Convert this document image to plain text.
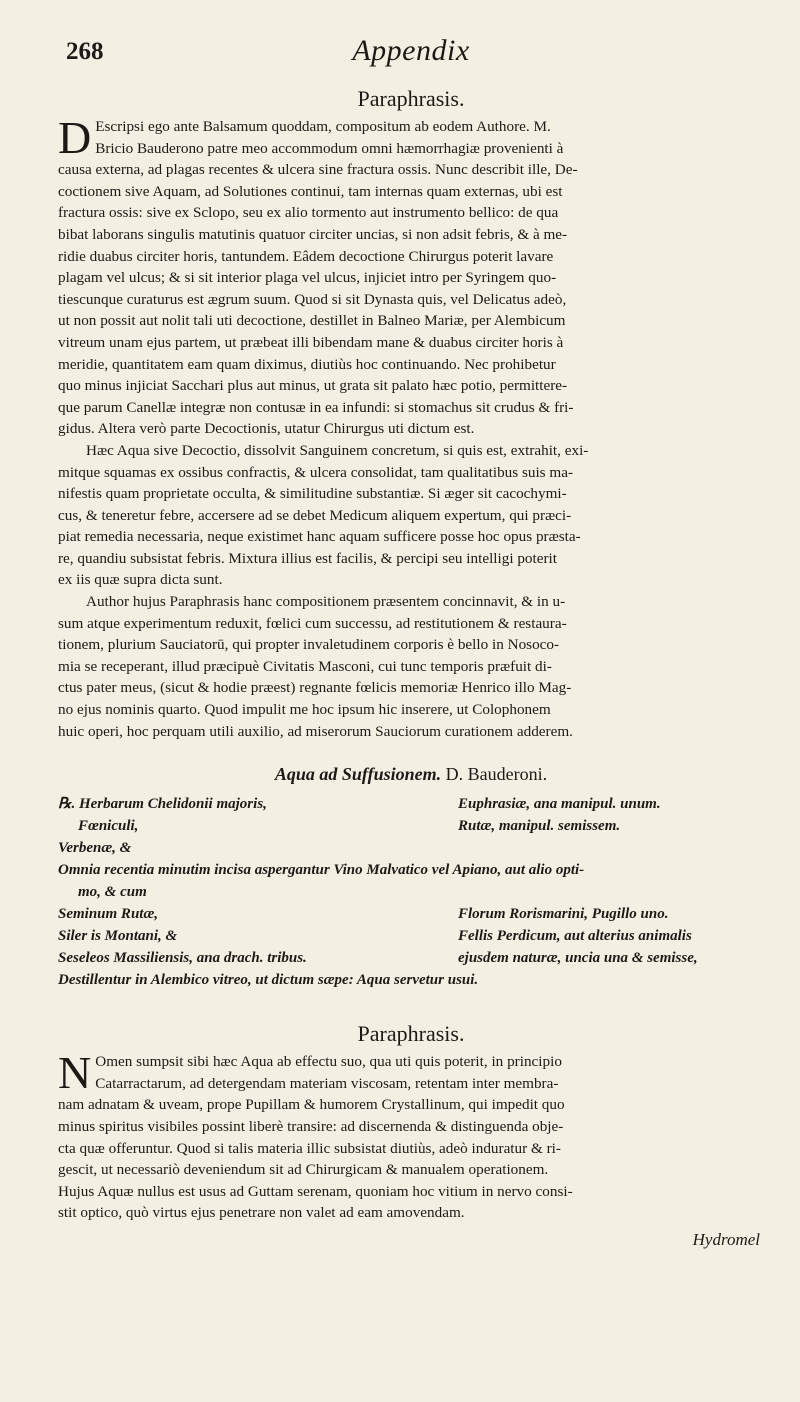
268	Appendix
Paraphrasis.
D Escripsi ego ante Balsamum quoddam, compositum ab eodem Authore. M.
Bricio Bauderono patre meo accommodum omni hæmorrhagiæ provenienti à
causa externa, ad plagas recentes & ulcera sine fractura ossis. Nunc describit ille, De-
coctionem sive Aquam, ad Solutiones continui, tam internas quam externas, ubi est
fractura ossis: sive ex Sclopo, seu ex alio tormento aut instrumento bellico: de qua
bibat laborans singulis matutinis quatuor circiter uncias, si non adsit febris, & à me-
ridie duabus circiter horis, tantundem. Eâdem decoctione Chirurgus poterit lavare
plagam vel ulcus; & si sit interior plaga vel ulcus, injiciet intro per Syringem quo-
tiescunque curaturus est ægrum suum. Quod si sit Dynasta quis, vel Delicatus adeò,
ut non possit aut nolit tali uti decoctione, destillet in Balneo Mariæ, per Alembicum
vitreum unam ejus partem, ut præbeat illi bibendam mane & duabus circiter horis à
meridie, quantitatem eam quam diximus, diutiùs hoc continuando. Nec prohibetur
quo minus injiciat Sacchari plus aut minus, ut grata sit palato hæc potio, permittere-
que parum Canellæ integræ non contusæ in ea infundi: si stomachus sit crudus & fri-
gidus. Altera verò parte Decoctionis, utatur Chirurgus uti dictum est.
Hæc Aqua sive Decoctio, dissolvit Sanguinem concretum, si quis est, extrahit, exi-
mitque squamas ex ossibus confractis, & ulcera consolidat, tam qualitatibus suis ma-
nifestis quam proprietate occulta, & similitudine substantiæ. Si æger sit cacochymi-
cus, & teneretur febre, accersere ad se debet Medicum aliquem expertum, qui præci-
piat remedia necessaria, neque existimet hanc aquam sufficere posse hoc opus præsta-
re, quandiu subsistat febris. Mixtura illius est facilis, & percipi seu intelligi poterit
ex iis quæ supra dicta sunt.
Author hujus Paraphrasis hanc compositionem præsentem concinnavit, & in u-
sum atque experimentum reduxit, fœlici cum successu, ad restitutionem & restaura-
tionem, plurium Sauciatorū, qui propter invaletudinem corporis è bello in Nosoco-
mia se receperant, illud præcipuè Civitatis Masconi, cui tunc temporis præfuit di-
ctus pater meus, (sicut & hodie præest) regnante fœlicis memoriæ Henrico illo Mag-
no ejus nominis quarto. Quod impulit me hoc ipsum hic inserere, ut Colophonem
huic operi, hoc perquam utili auxilio, ad miserorum Sauciorum curationem adderem.
Aqua ad Suffusionem. D. Bauderoni.
℞. Herbarum Chelidonii majoris,	Euphrasiæ, ana manipul. unum.
Fœniculi,	Rutæ, manipul. semissem.
Verbenæ, &
Omnia recentia minutim incisa aspergantur Vino Malvatico vel Apiano, aut alio opti-
mo, & cum
Seminum Rutæ,	Florum Rorismarini, Pugillo uno.
Siler is Montani, &	Fellis Perdicum, aut alterius animalis
Seseleos Massiliensis, ana drach. tribus.	ejusdem naturæ, uncia una & semisse,
Destillentur in Alembico vitreo, ut dictum sæpe: Aqua servetur usui.
Paraphrasis.
N Omen sumpsit sibi hæc Aqua ab effectu suo, qua uti quis poterit, in principio
Catarractarum, ad detergendam materiam viscosam, retentam inter membra-
nam adnatam & uveam, prope Pupillam & humorem Crystallinum, qui impedit quo
minus spiritus visibiles possint liberè transire: ad discernenda & distinguenda obje-
cta quæ offeruntur. Quod si talis materia illic subsistat diutiùs, adeò induratur & ri-
gescit, ut necessariò deveniendum sit ad Chirurgicam & manualem operationem.
Hujus Aquæ nullus est usus ad Guttam serenam, quoniam hoc vitium in nervo consi-
stit optico, quò virtus ejus penetrare non valet ad eam amovendam.
Hydromel
